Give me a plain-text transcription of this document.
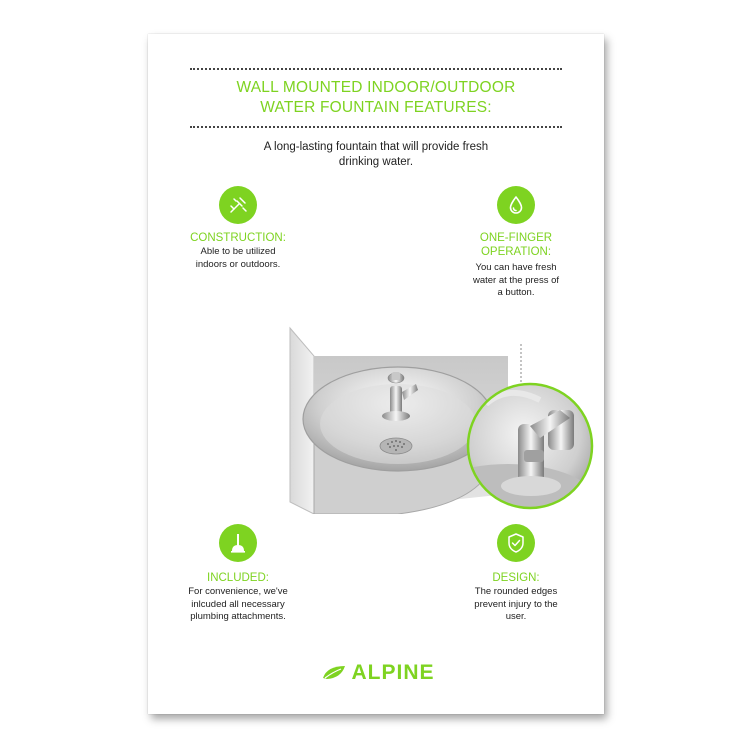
WALL MOUNTED INDOOR/OUTDOOR
WATER FOUNTAIN FEATURES:
A long-lasting fountain that will provide fresh
drinking water.
CONSTRUCTION:
Able to be utilized
indoors or outdoors.
ONE-FINGER
OPERATION:
You can have fresh
water at the press of
a button.
INCLUDED:
For convenience, we've
inlcuded all necessary
plumbing attachments.
DESIGN:
The rounded edges
prevent injury to the
user.
ALPINE
